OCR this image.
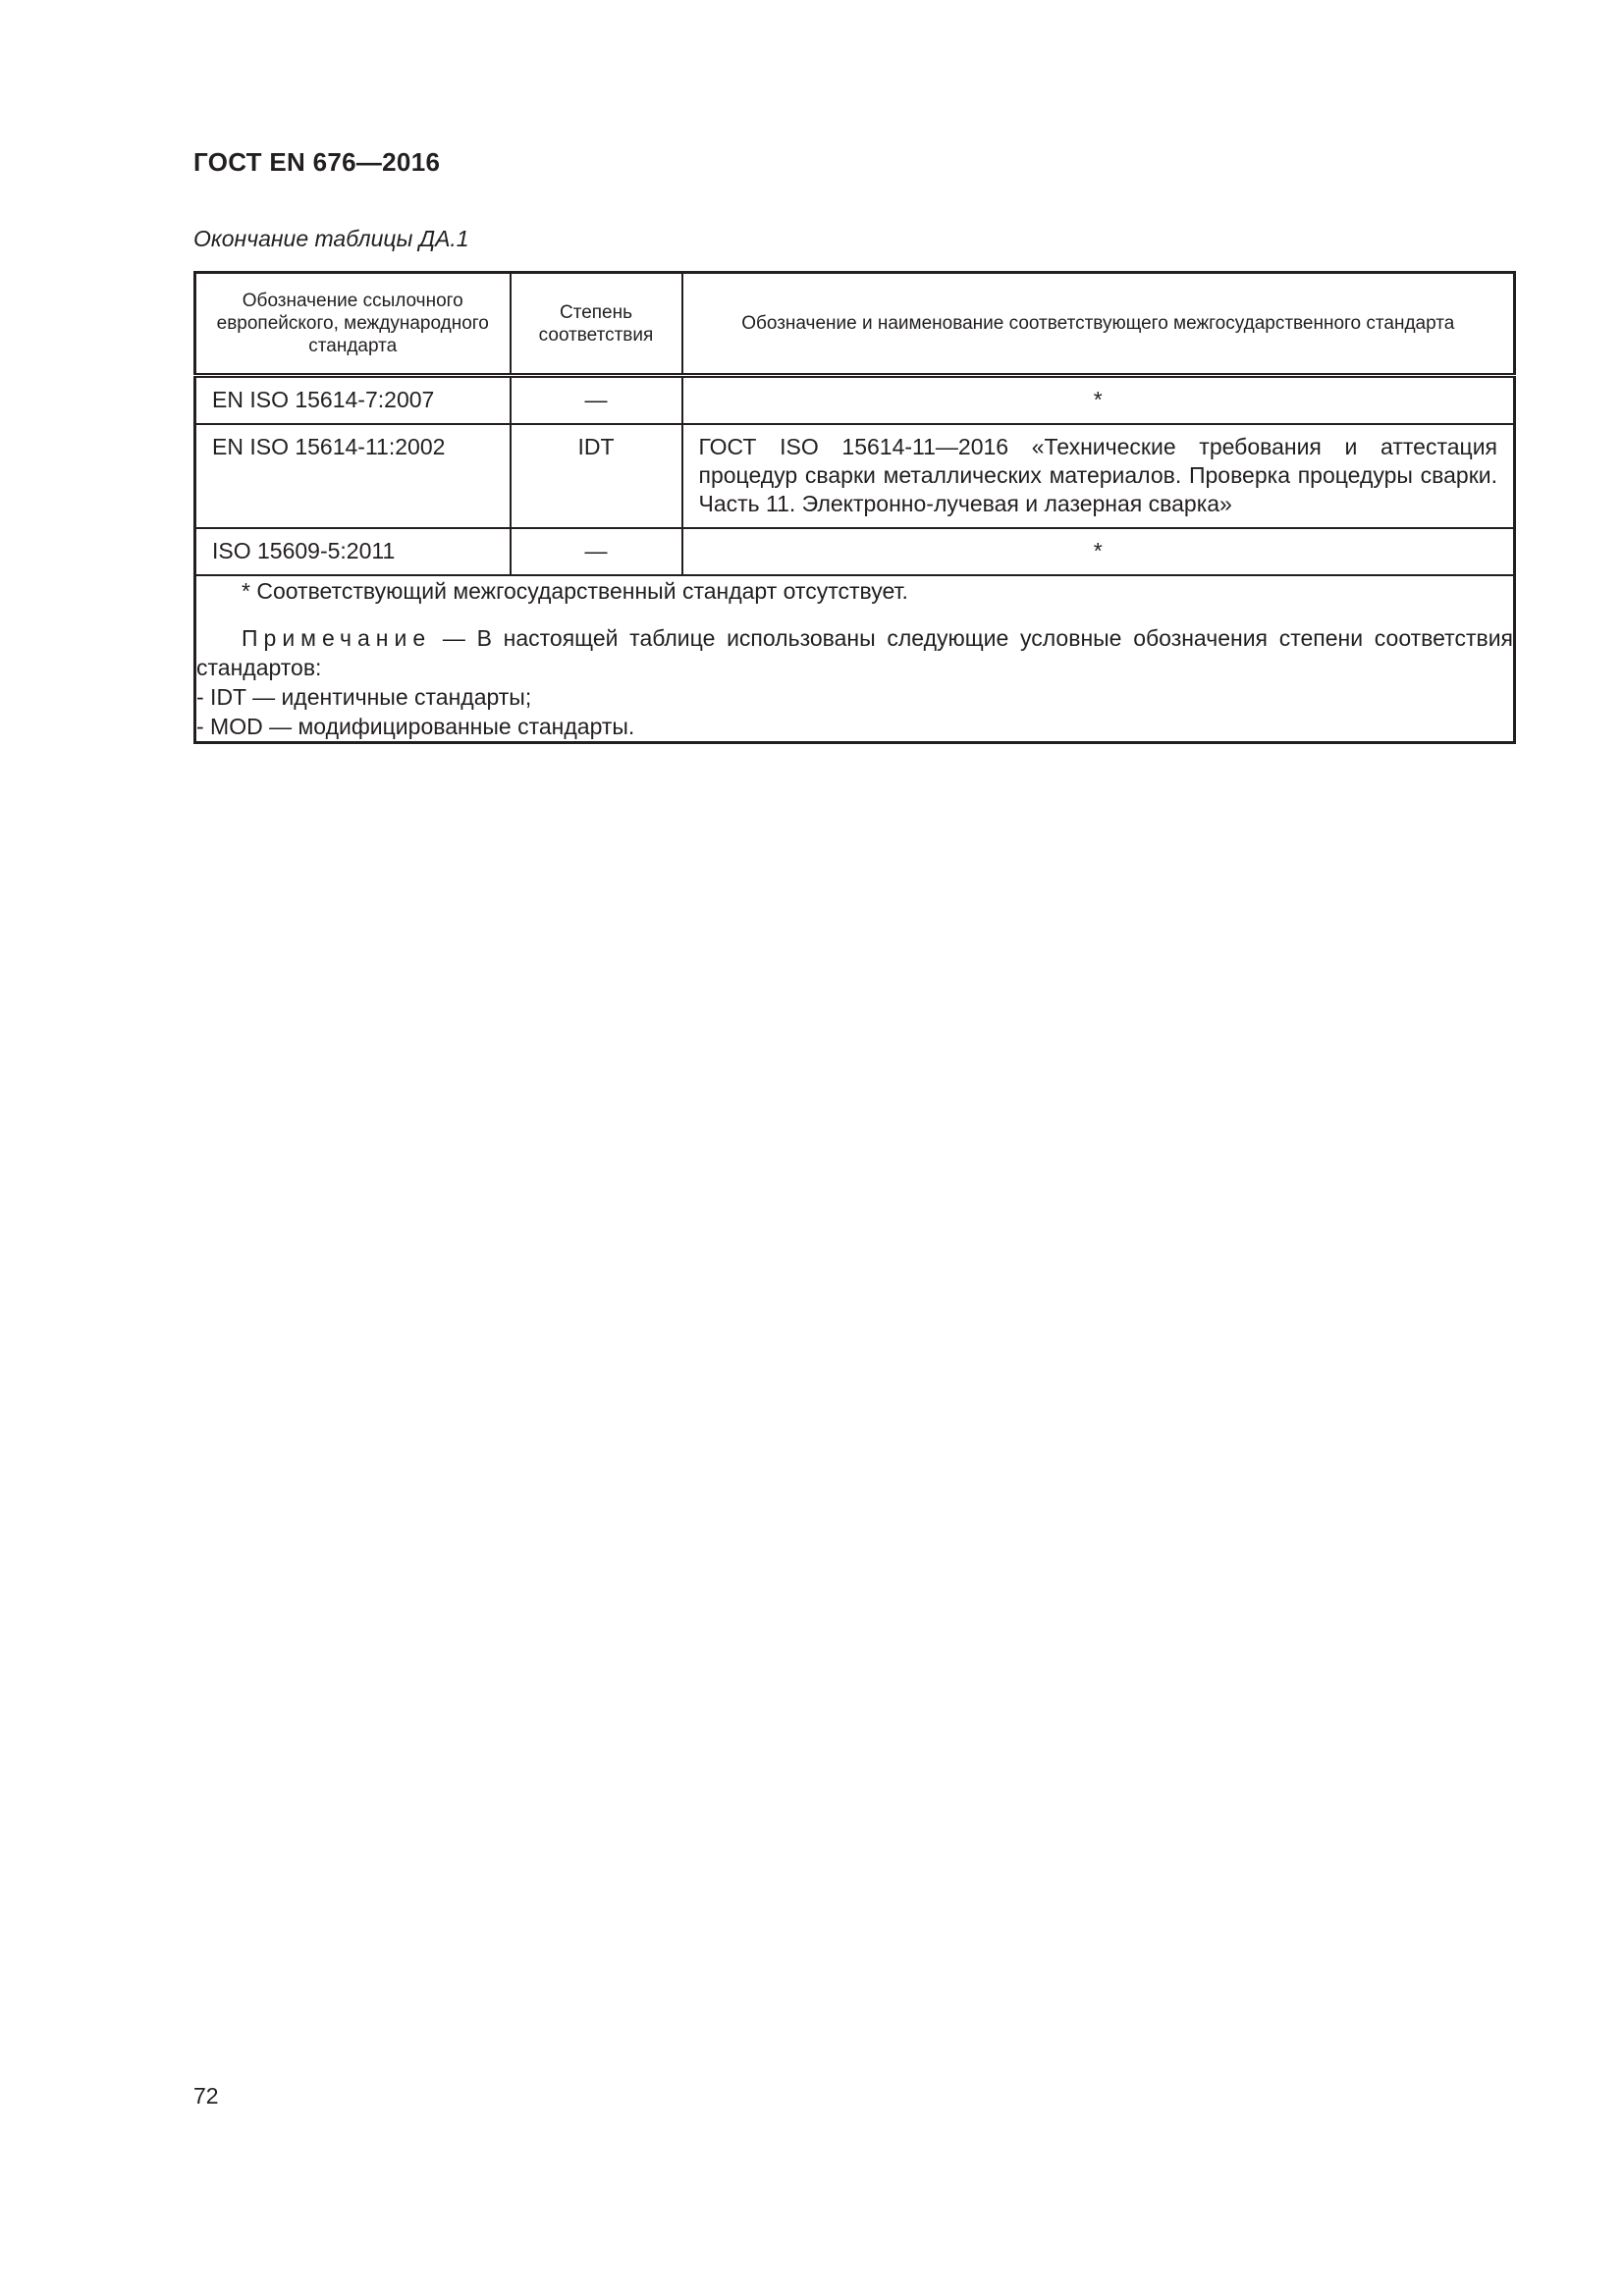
ГОСТ EN 676—2016
Окончание таблицы ДА.1
Обозначение ссылочного европейского, международного стандарта	Степень соответствия	Обозначение и наименование соответствующего межгосударственного стандарта

EN ISO 15614-7:2007	—	*

EN ISO 15614-11:2002	IDT	ГОСТ ISO 15614-11—2016 «Технические требования и аттестация процедур сварки металлических материалов. Проверка процедуры сварки. Часть 11. Электронно-лучевая и лазерная сварка»

ISO 15609-5:2011	—	*

* Соответствующий межгосударственный стандарт отсутствует.
Примечание — В настоящей таблице использованы следующие условные обозначения степени соответствия стандартов:
- IDT — идентичные стандарты;
- MOD — модифицированные стандарты.		
72
